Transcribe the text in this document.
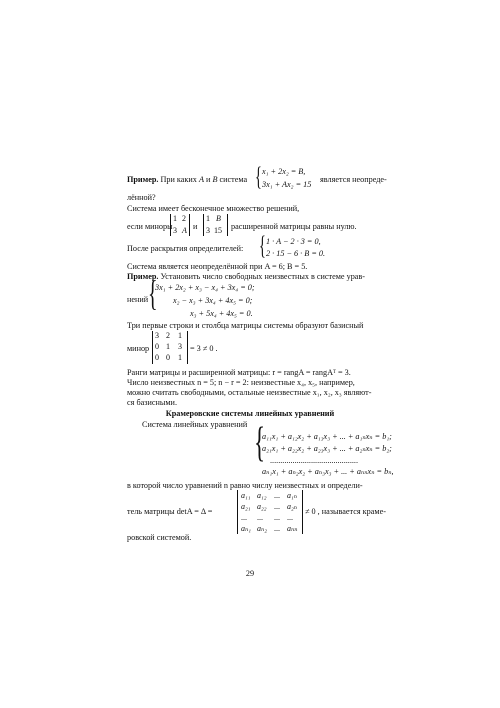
Пример. При каких A и B система { x₁ + 2x₂ = B,
3x₁ + Ax₂ = 15
является неопреде-
лённой?
Система имеет бесконечное множество решений,
если миноры
1 2
3 A и
1 B
3 15 расширенной матрицы равны нулю.
После раскрытия определителей: { 1 · A − 2 · 3 = 0,
2 · 15 − 6 · B = 0.
Система является неопределённой при A = 6; B = 5.
Пример. Установить число свободных неизвестных в системе урав-
нений {
3x₁ + 2x₂ + x₃ − x₄ + 3x₄ = 0;
x₂ − x₃ + 3x₄ + 4x₅ = 0;
x₃ + 5x₄ + 4x₅ = 0.
Три первые строки и столбца матрицы системы образуют базисный
минор
3 2 1
0 1 3
0 0 1
= 3 ≠ 0 .
Ранги матрицы и расширенной матрицы: r = rangA = rangAᵀ = 3.
Число неизвестных n = 5; n − r = 2: неизвестные x₄, x₅, например,
можно считать свободными, остальные неизвестные x₁, x₂, x₃ являют-
ся базисными.
Крамеровские системы линейных уравнений
Система линейных уравнений {
a₁₁x₁ + a₁₂x₂ + a₁₃x₃ + ... + a₁ₙxₙ = b₁;
a₂₁x₁ + a₂₂x₂ + a₂₃x₃ + ... + a₂ₙxₙ = b₂;
...........................................
aₙ₁x₁ + aₙ₂x₂ + aₙ₃x₃ + ... + aₙₙxₙ = bₙ,
в которой число уравнений n равно числу неизвестных и определи-
тель матрицы detA = Δ =
a₁₁ a₁₂ ... a₁ₙ
a₂₁ a₂₂ ... a₂ₙ
... ... ... ...
aₙ₁ aₙ₂ ... aₙₙ
≠ 0 , называется краме-
ровской системой.
29
